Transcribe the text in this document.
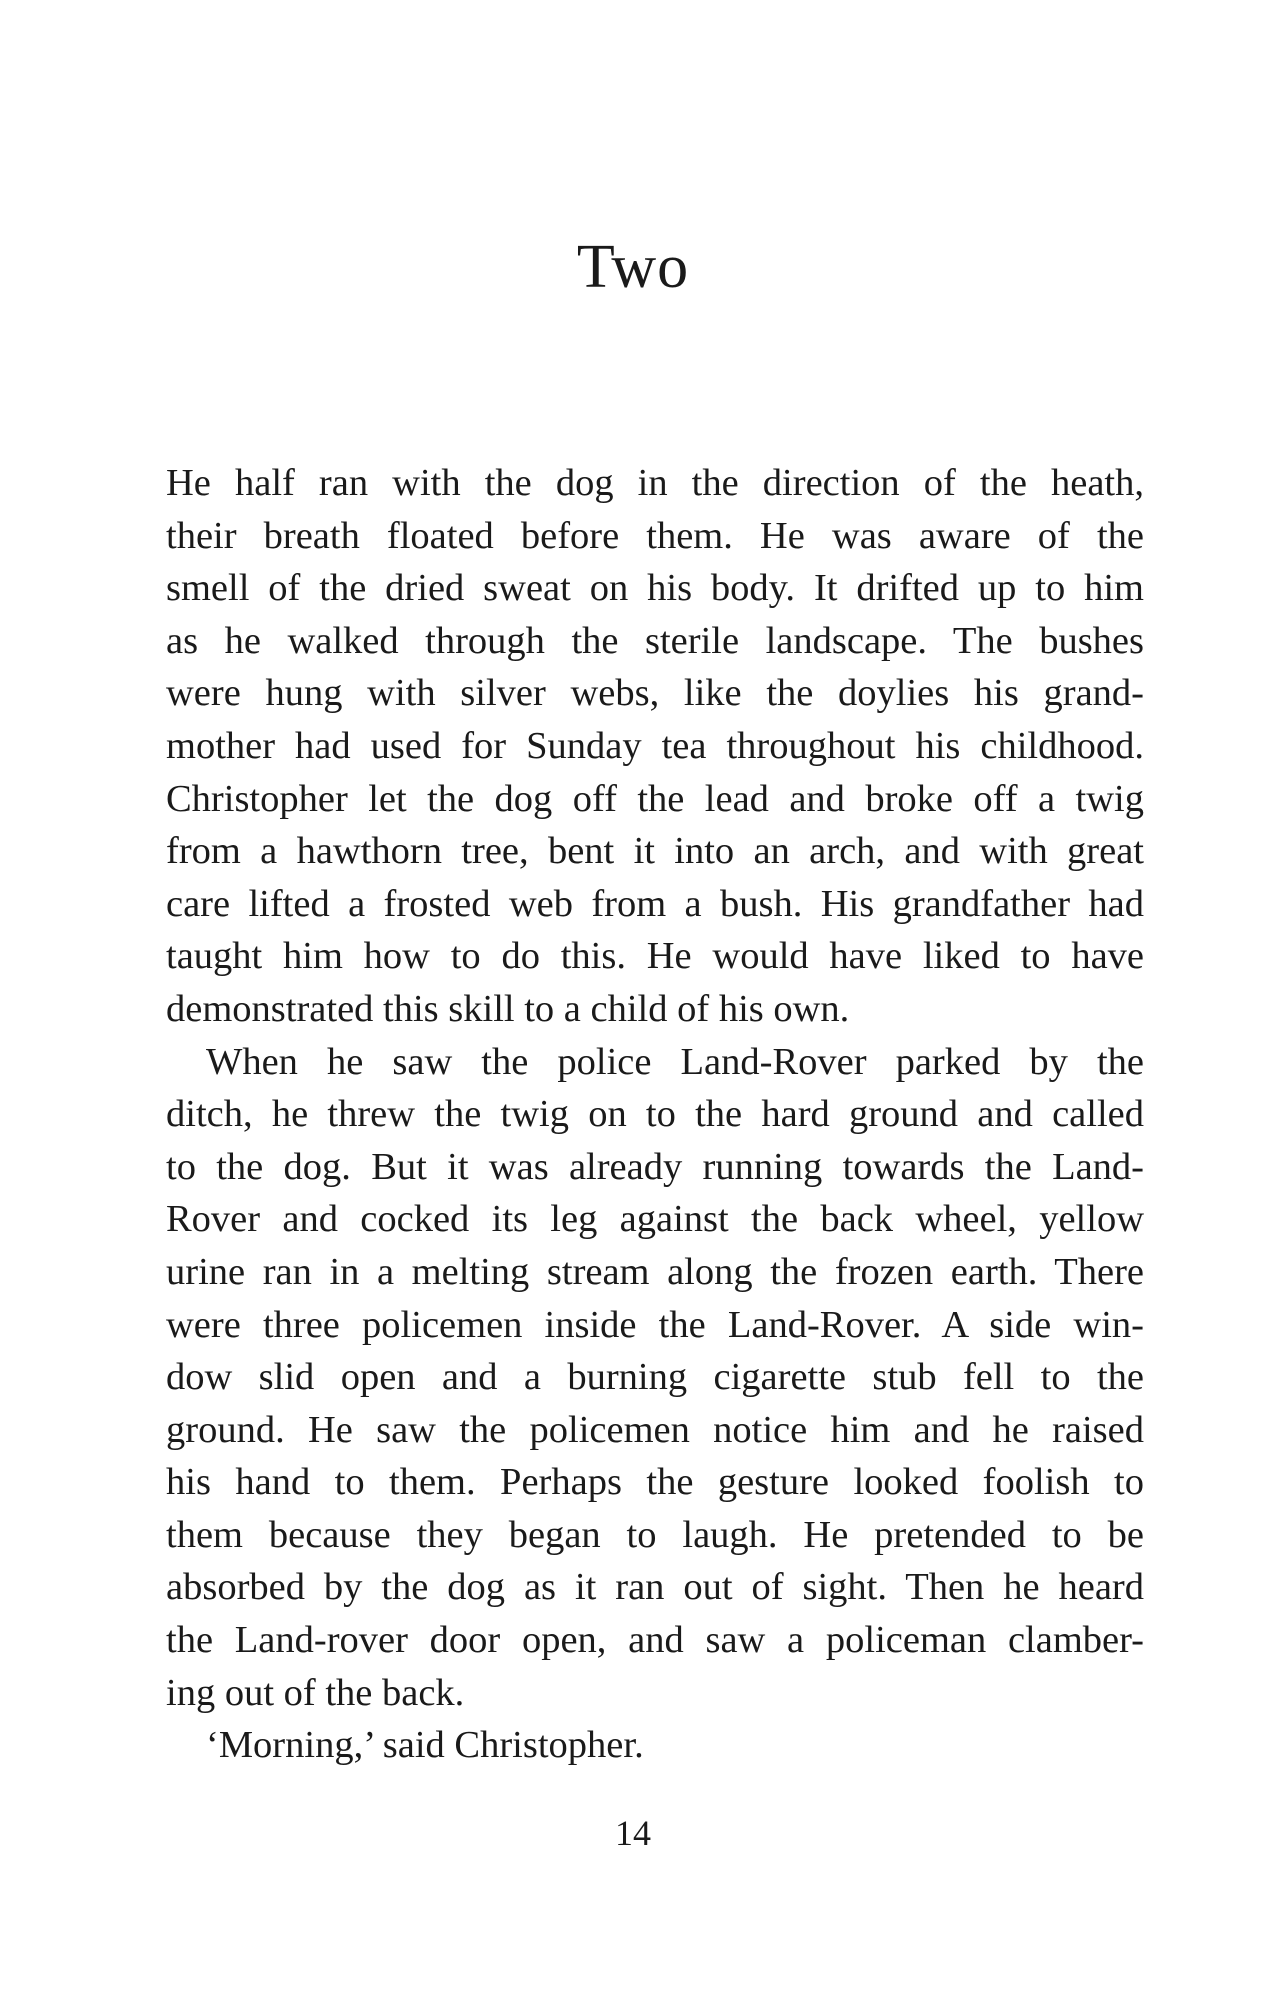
Two
He half ran with the dog in the direction of the heath,
their breath floated before them. He was aware of the
smell of the dried sweat on his body. It drifted up to him
as he walked through the sterile landscape. The bushes
were hung with silver webs, like the doylies his grand-
mother had used for Sunday tea throughout his childhood.
Christopher let the dog off the lead and broke off a twig
from a hawthorn tree, bent it into an arch, and with great
care lifted a frosted web from a bush. His grandfather had
taught him how to do this. He would have liked to have
demonstrated this skill to a child of his own.
When he saw the police Land-Rover parked by the
ditch, he threw the twig on to the hard ground and called
to the dog. But it was already running towards the Land-
Rover and cocked its leg against the back wheel, yellow
urine ran in a melting stream along the frozen earth. There
were three policemen inside the Land-Rover. A side win-
dow slid open and a burning cigarette stub fell to the
ground. He saw the policemen notice him and he raised
his hand to them. Perhaps the gesture looked foolish to
them because they began to laugh. He pretended to be
absorbed by the dog as it ran out of sight. Then he heard
the Land-rover door open, and saw a policeman clamber-
ing out of the back.
‘Morning,’ said Christopher.
14
